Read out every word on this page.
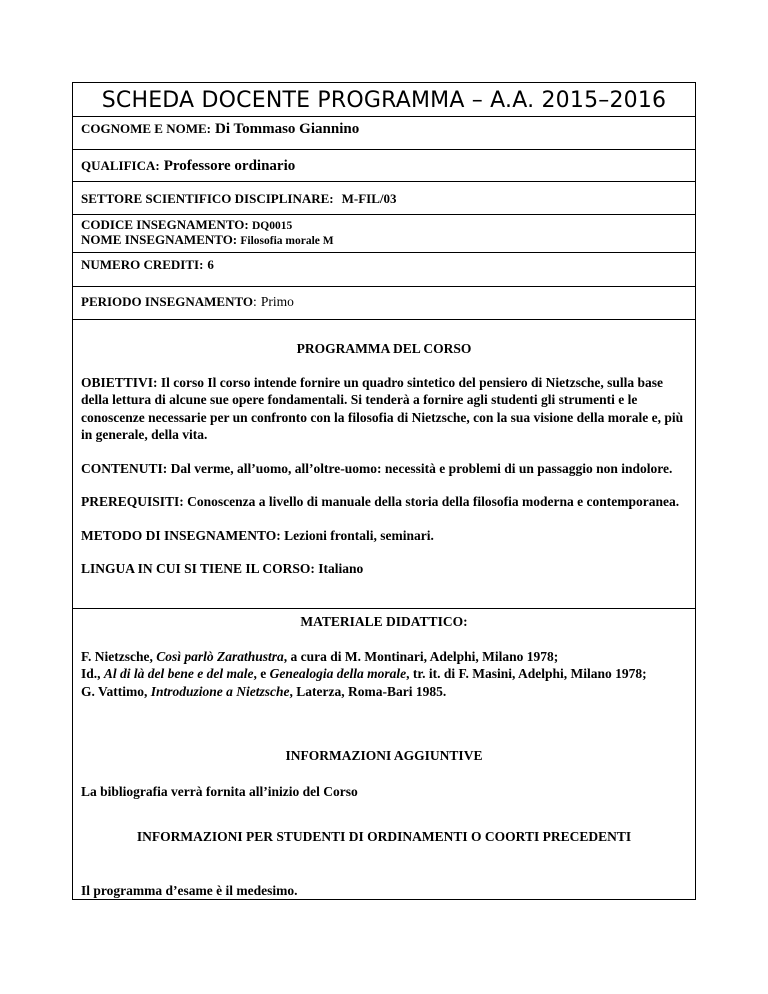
SCHEDA DOCENTE PROGRAMMA – A.A. 2015–2016
COGNOME E NOME: Di Tommaso Giannino
QUALIFICA: Professore ordinario
SETTORE SCIENTIFICO DISCIPLINARE: M-FIL/03
CODICE INSEGNAMENTO: DQ0015
NOME INSEGNAMENTO: Filosofia morale M
NUMERO CREDITI: 6
PERIODO INSEGNAMENTO: Primo
PROGRAMMA DEL CORSO

OBIETTIVI: Il corso Il corso intende fornire un quadro sintetico del pensiero di Nietzsche, sulla base della lettura di alcune sue opere fondamentali. Si tenderà a fornire agli studenti gli strumenti e le conoscenze necessarie per un confronto con la filosofia di Nietzsche, con la sua visione della morale e, più in generale, della vita.

CONTENUTI: Dal verme, all’uomo, all’oltre-uomo: necessità e problemi di un passaggio non indolore.

PREREQUISITI: Conoscenza a livello di manuale della storia della filosofia moderna e contemporanea.

METODO DI INSEGNAMENTO: Lezioni frontali, seminari.

LINGUA IN CUI SI TIENE IL CORSO: Italiano

MATERIALE DIDATTICO:
F. Nietzsche, Così parlò Zarathustra, a cura di M. Montinari, Adelphi, Milano 1978;
Id., Al di là del bene e del male, e Genealogia della morale, tr. it. di F. Masini, Adelphi, Milano 1978;
G. Vattimo, Introduzione a Nietzsche, Laterza, Roma-Bari 1985.
INFORMAZIONI AGGIUNTIVE
La bibliografia verrà fornita all’inizio del Corso
INFORMAZIONI PER STUDENTI DI ORDINAMENTI O COORTI PRECEDENTI
Il programma d’esame è il medesimo.
